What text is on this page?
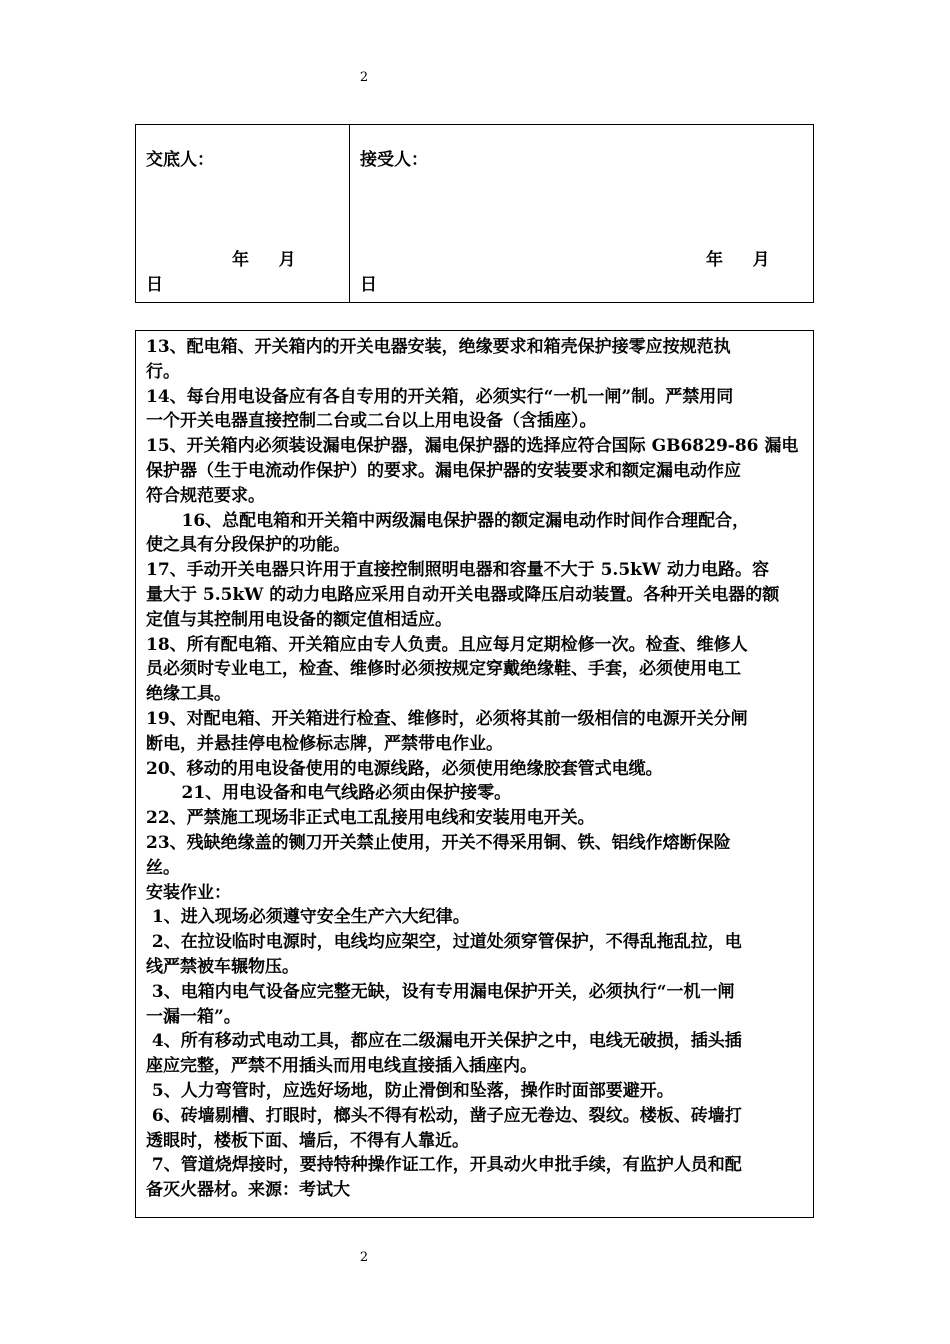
2
交底人：
年     月
日
接受人：
年     月
日
13、配电箱、开关箱内的开关电器安装，绝缘要求和箱壳保护接零应按规范执
行。
14、每台用电设备应有各自专用的开关箱，必须实行“一机一闸”制。严禁用同
一个开关电器直接控制二台或二台以上用电设备（含插座）。
15、开关箱内必须装设漏电保护器，漏电保护器的选择应符合国际 GB6829-86 漏电
保护器（生于电流动作保护）的要求。漏电保护器的安装要求和额定漏电动作应
符合规范要求。
16、总配电箱和开关箱中两级漏电保护器的额定漏电动作时间作合理配合，
使之具有分段保护的功能。
17、手动开关电器只许用于直接控制照明电器和容量不大于 5.5kW 动力电路。容
量大于 5.5kW 的动力电路应采用自动开关电器或降压启动装置。各种开关电器的额
定值与其控制用电设备的额定值相适应。
18、所有配电箱、开关箱应由专人负责。且应每月定期检修一次。检查、维修人
员必须时专业电工，检查、维修时必须按规定穿戴绝缘鞋、手套，必须使用电工
绝缘工具。
19、对配电箱、开关箱进行检查、维修时，必须将其前一级相信的电源开关分闸
断电，并悬挂停电检修标志牌，严禁带电作业。
20、移动的用电设备使用的电源线路，必须使用绝缘胶套管式电缆。
21、用电设备和电气线路必须由保护接零。
22、严禁施工现场非正式电工乱接用电线和安装用电开关。
23、残缺绝缘盖的铡刀开关禁止使用，开关不得采用铜、铁、铝线作熔断保险
丝。
安装作业：
1、进入现场必须遵守安全生产六大纪律。
2、在拉设临时电源时，电线均应架空，过道处须穿管保护，不得乱拖乱拉，电
线严禁被车辗物压。
3、电箱内电气设备应完整无缺，设有专用漏电保护开关，必须执行“一机一闸
一漏一箱”。
4、所有移动式电动工具，都应在二级漏电开关保护之中，电线无破损，插头插
座应完整，严禁不用插头而用电线直接插入插座内。
5、人力弯管时，应选好场地，防止滑倒和坠落，操作时面部要避开。
6、砖墙剔槽、打眼时，榔头不得有松动，凿子应无卷边、裂纹。楼板、砖墙打
透眼时，楼板下面、墙后，不得有人靠近。
7、管道烧焊接时，要持特种操作证工作，开具动火申批手续，有监护人员和配
备灭火器材。来源：考试大
2
